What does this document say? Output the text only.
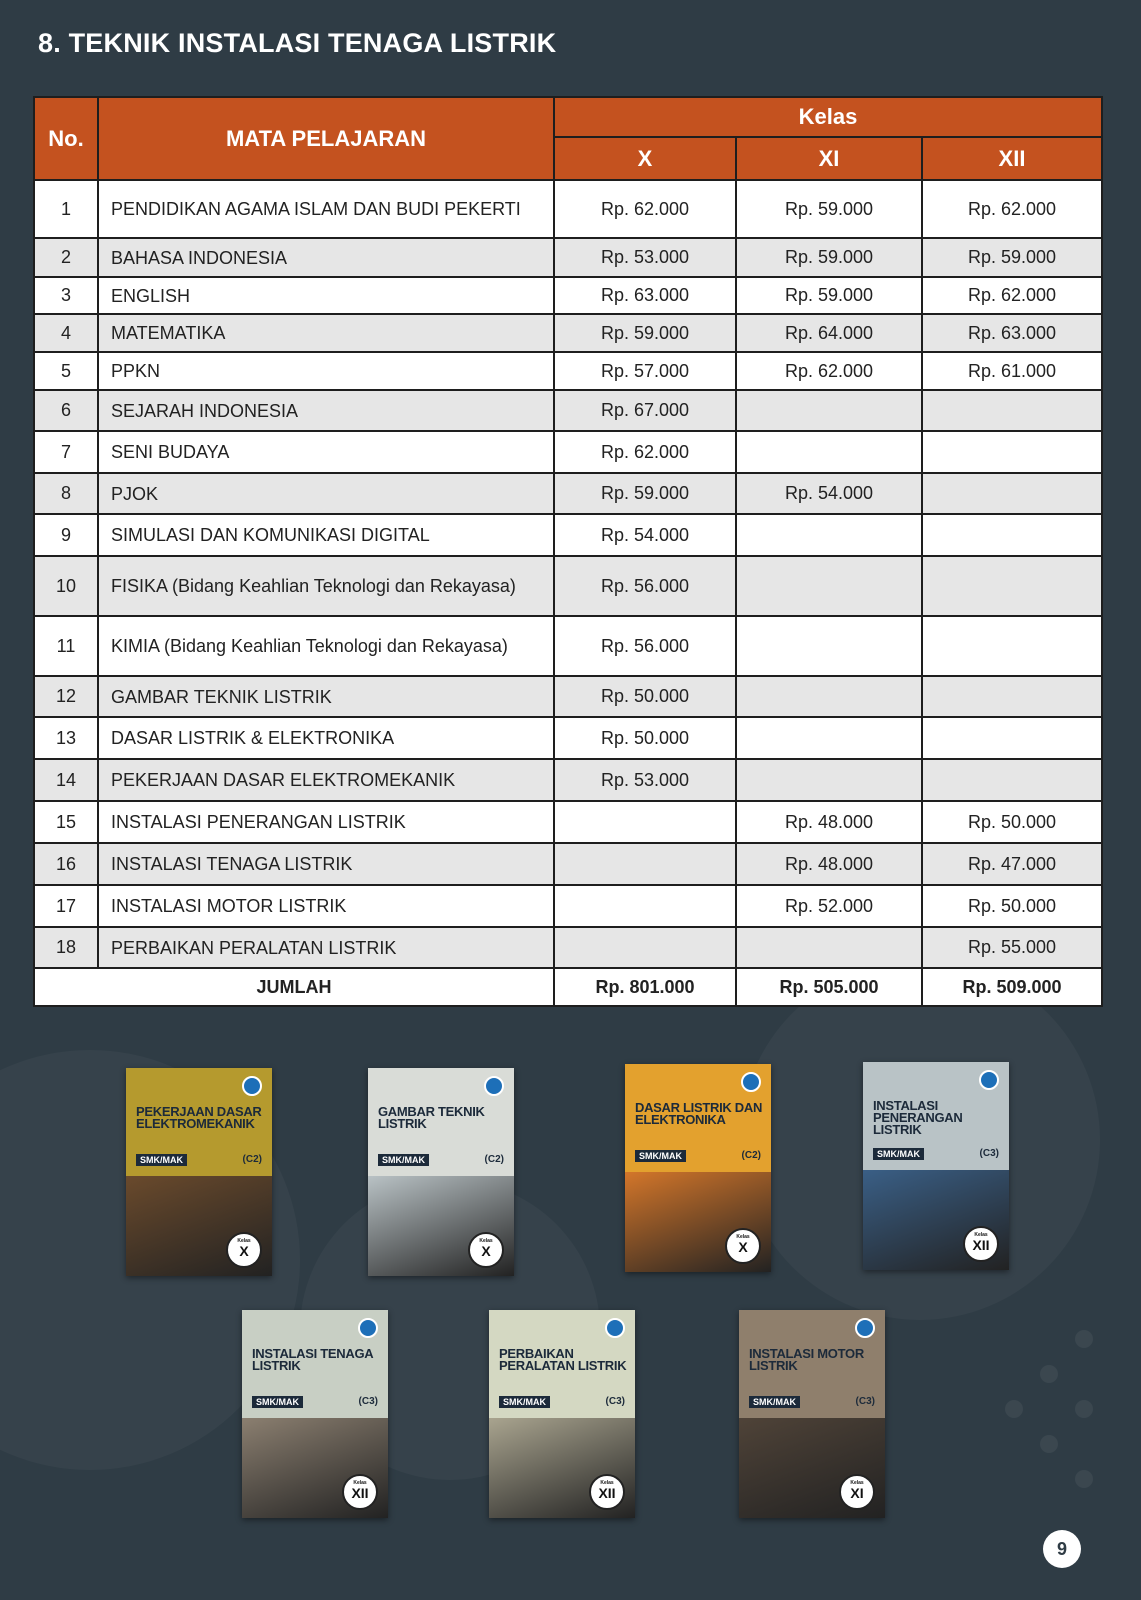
8. TEKNIK INSTALASI TENAGA LISTRIK
No.	MATA PELAJARAN	Kelas		
		X	XI	XII
1	PENDIDIKAN AGAMA ISLAM DAN BUDI PEKERTI	Rp. 62.000	Rp. 59.000	Rp. 62.000
2	BAHASA INDONESIA	Rp. 53.000	Rp. 59.000	Rp. 59.000
3	ENGLISH	Rp. 63.000	Rp. 59.000	Rp. 62.000
4	MATEMATIKA	Rp. 59.000	Rp. 64.000	Rp. 63.000
5	PPKN	Rp. 57.000	Rp. 62.000	Rp. 61.000
6	SEJARAH INDONESIA	Rp. 67.000		
7	SENI BUDAYA	Rp. 62.000		
8	PJOK	Rp. 59.000	Rp. 54.000	
9	SIMULASI DAN KOMUNIKASI DIGITAL	Rp. 54.000		
10	FISIKA (Bidang Keahlian Teknologi dan Rekayasa)	Rp. 56.000		
11	KIMIA (Bidang Keahlian Teknologi dan Rekayasa)	Rp. 56.000		
12	GAMBAR TEKNIK LISTRIK	Rp. 50.000		
13	DASAR LISTRIK & ELEKTRONIKA	Rp. 50.000		
14	PEKERJAAN DASAR ELEKTROMEKANIK	Rp. 53.000		
15	INSTALASI PENERANGAN LISTRIK		Rp. 48.000	Rp. 50.000
16	INSTALASI TENAGA LISTRIK		Rp. 48.000	Rp. 47.000
17	INSTALASI MOTOR LISTRIK		Rp. 52.000	Rp. 50.000
18	PERBAIKAN PERALATAN LISTRIK			Rp. 55.000
JUMLAH		Rp. 801.000	Rp. 505.000	Rp. 509.000
PEKERJAAN DASAR ELEKTROMEKANIK
SMK/MAK	(C2)
Kelas
X
GAMBAR TEKNIK LISTRIK
SMK/MAK	(C2)
Kelas
X
DASAR LISTRIK DAN ELEKTRONIKA
SMK/MAK	(C2)
Kelas
X
INSTALASI PENERANGAN LISTRIK
SMK/MAK	(C3)
Kelas
XII
INSTALASI TENAGA LISTRIK
SMK/MAK	(C3)
Kelas
XII
PERBAIKAN PERALATAN LISTRIK
SMK/MAK	(C3)
Kelas
XII
INSTALASI MOTOR LISTRIK
SMK/MAK	(C3)
Kelas
XI
9
